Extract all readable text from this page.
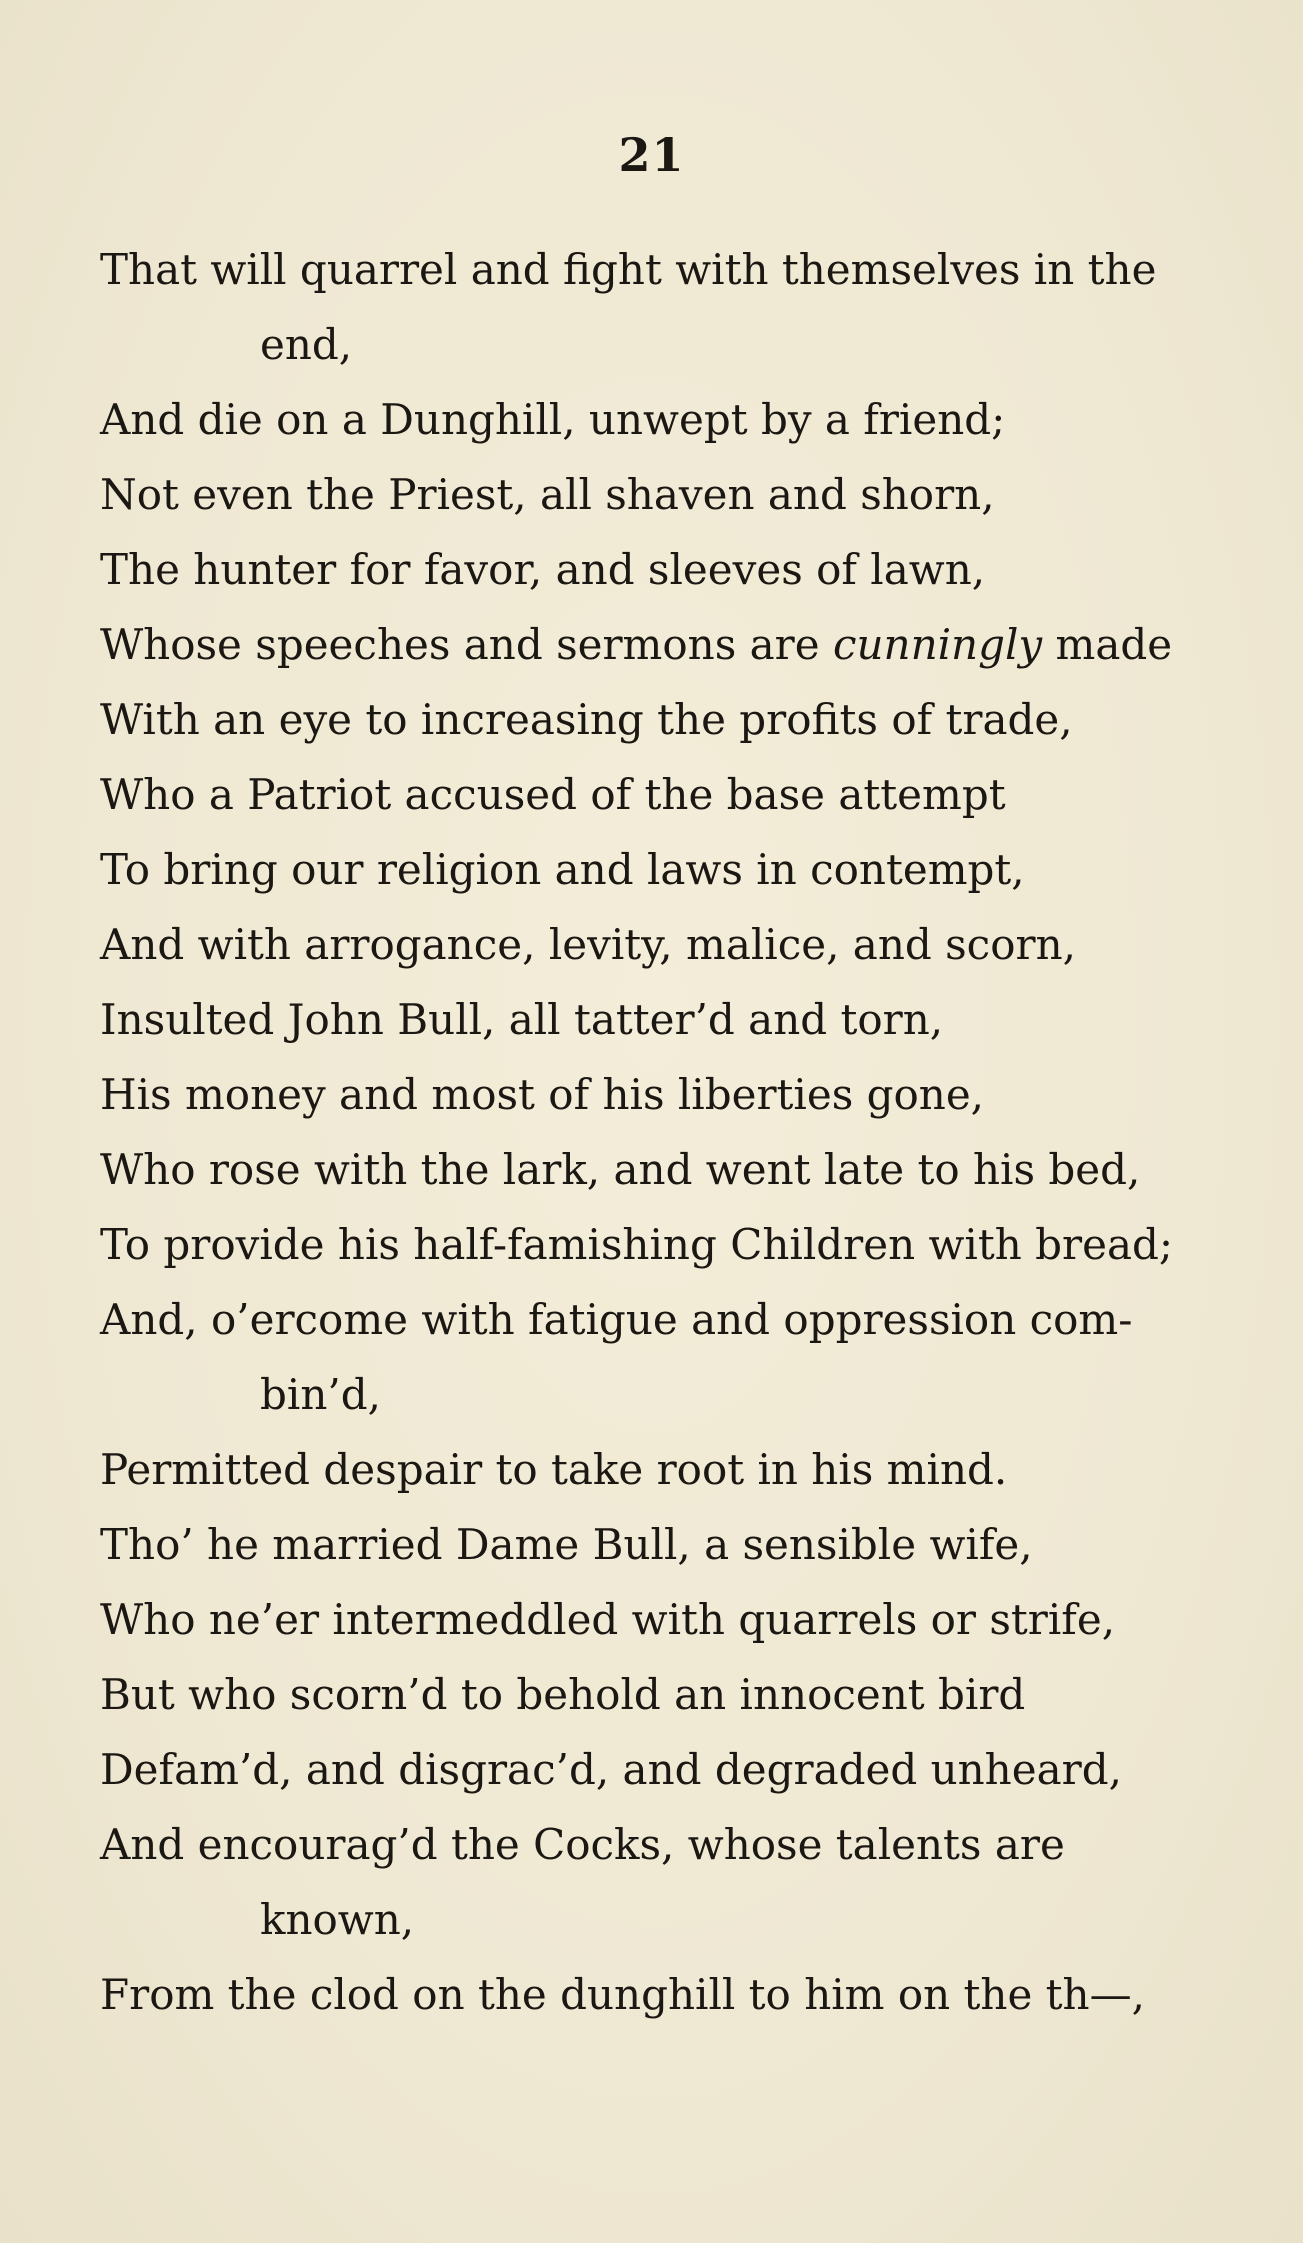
21
That will quarrel and fight with themselves in the
end,
And die on a Dunghill, unwept by a friend;
Not even the Priest, all shaven and shorn,
The hunter for favor, and sleeves of lawn,
Whose speeches and sermons are cunningly made
With an eye to increasing the profits of trade,
Who a Patriot accused of the base attempt
To bring our religion and laws in contempt,
And with arrogance, levity, malice, and scorn,
Insulted John Bull, all tatter’d and torn,
His money and most of his liberties gone,
Who rose with the lark, and went late to his bed,
To provide his half-famishing Children with bread;
And, o’ercome with fatigue and oppression com-
bin’d,
Permitted despair to take root in his mind.
Tho’ he married Dame Bull, a sensible wife,
Who ne’er intermeddled with quarrels or strife,
But who scorn’d to behold an innocent bird
Defam’d, and disgrac’d, and degraded unheard,
And encourag’d the Cocks, whose talents are
known,
From the clod on the dunghill to him on the th—,
